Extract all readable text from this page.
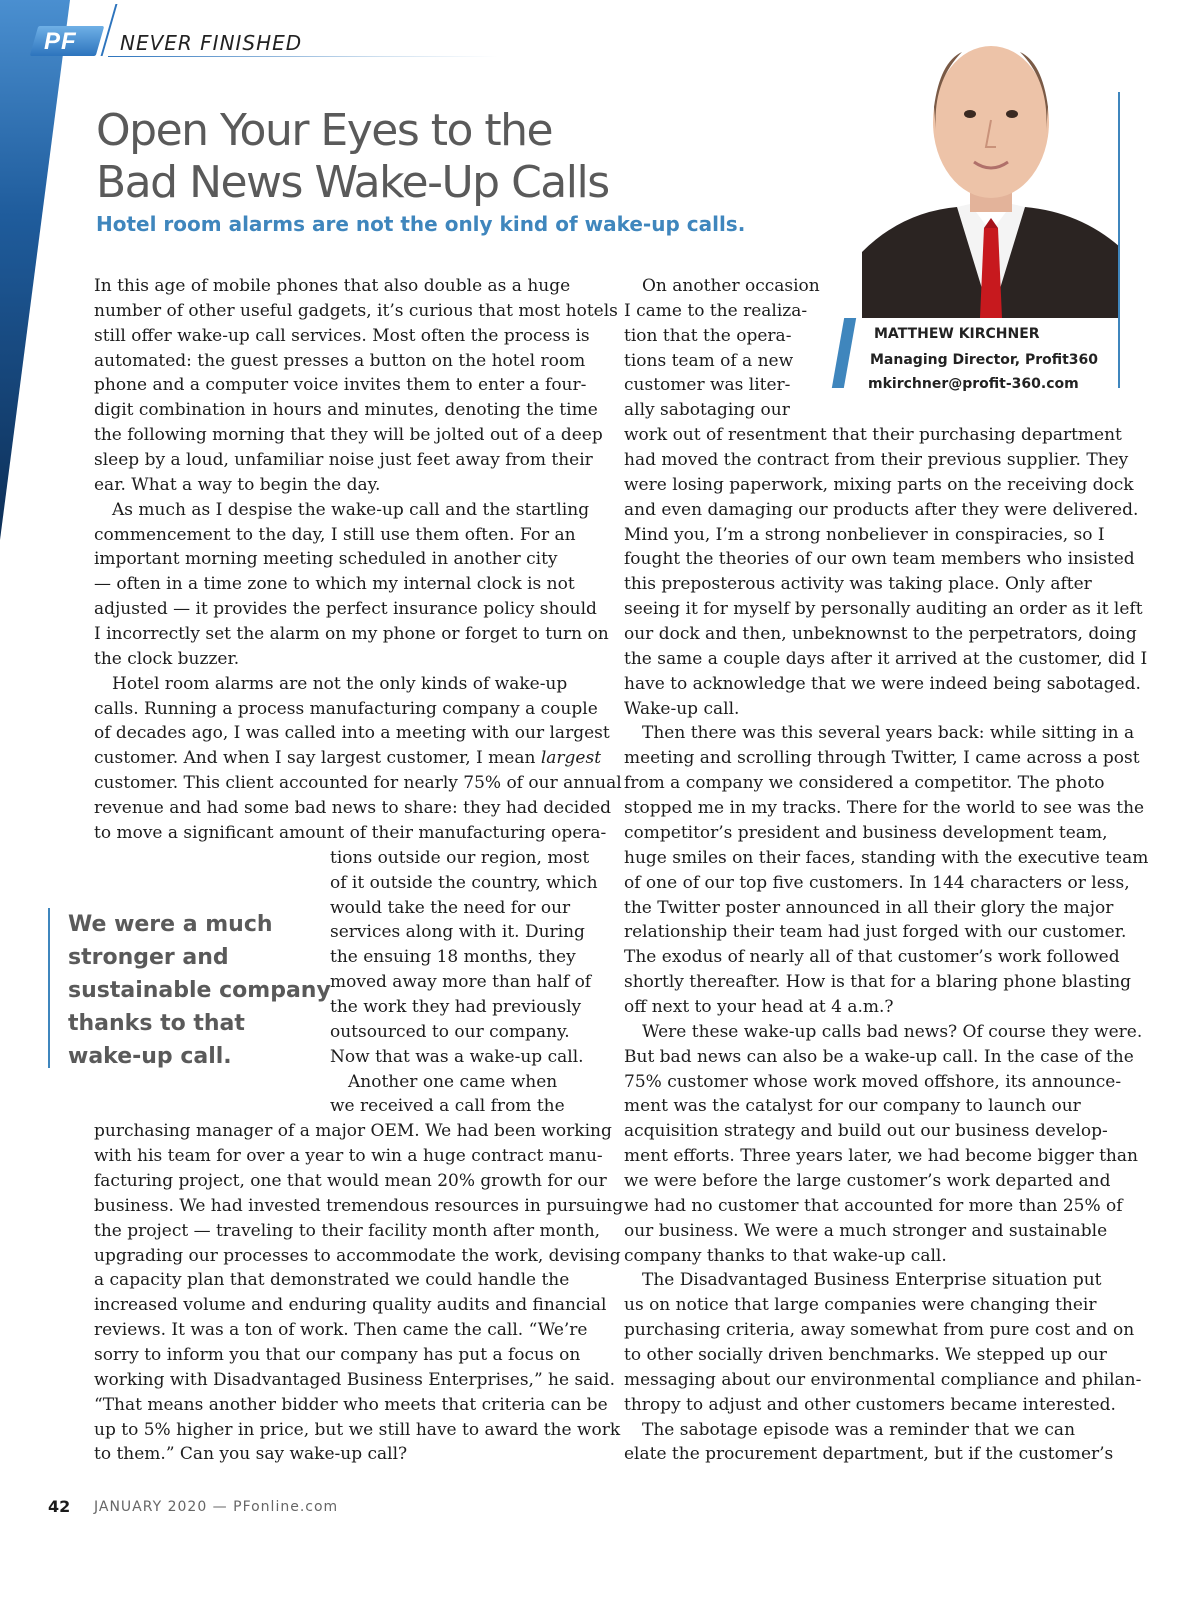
PF NEVER FINISHED
Open Your Eyes to the
Bad News Wake-Up Calls

Hotel room alarms are not the only kind of wake-up calls.

MATTHEW KIRCHNER
Managing Director, Profit360
mkirchner@profit-360.com

In this age of mobile phones that also double as a huge

number of other useful gadgets, it’s curious that most hotels

still offer wake-up call services. Most often the process is

automated: the guest presses a button on the hotel room

phone and a computer voice invites them to enter a four-

digit combination in hours and minutes, denoting the time

the following morning that they will be jolted out of a deep

sleep by a loud, unfamiliar noise just feet away from their

ear. What a way to begin the day.

As much as I despise the wake-up call and the startling

commencement to the day, I still use them often. For an

important morning meeting scheduled in another city

— often in a time zone to which my internal clock is not

adjusted — it provides the perfect insurance policy should

I incorrectly set the alarm on my phone or forget to turn on

the clock buzzer.

Hotel room alarms are not the only kinds of wake-up

calls. Running a process manufacturing company a couple

of decades ago, I was called into a meeting with our largest

customer. And when I say largest customer, I mean largest

customer. This client accounted for nearly 75% of our annual

revenue and had some bad news to share: they had decided

to move a significant amount of their manufacturing opera-

We were a much

stronger and

sustainable company

thanks to that

wake-up call.

tions outside our region, most

of it outside the country, which

would take the need for our

services along with it. During

the ensuing 18 months, they

moved away more than half of

the work they had previously

outsourced to our company.

Now that was a wake-up call.

Another one came when

we received a call from the

purchasing manager of a major OEM. We had been working

with his team for over a year to win a huge contract manu-

facturing project, one that would mean 20% growth for our

business. We had invested tremendous resources in pursuing

the project — traveling to their facility month after month,

upgrading our processes to accommodate the work, devising

a capacity plan that demonstrated we could handle the

increased volume and enduring quality audits and financial

reviews. It was a ton of work. Then came the call. “We’re

sorry to inform you that our company has put a focus on

working with Disadvantaged Business Enterprises,” he said.

“That means another bidder who meets that criteria can be

up to 5% higher in price, but we still have to award the work

to them.” Can you say wake-up call?

On another occasion

I came to the realiza-

tion that the opera-

tions team of a new

customer was liter-

ally sabotaging our

work out of resentment that their purchasing department

had moved the contract from their previous supplier. They

were losing paperwork, mixing parts on the receiving dock

and even damaging our products after they were delivered.

Mind you, I’m a strong nonbeliever in conspiracies, so I

fought the theories of our own team members who insisted

this preposterous activity was taking place. Only after

seeing it for myself by personally auditing an order as it left

our dock and then, unbeknownst to the perpetrators, doing

the same a couple days after it arrived at the customer, did I

have to acknowledge that we were indeed being sabotaged.

Wake-up call.

Then there was this several years back: while sitting in a

meeting and scrolling through Twitter, I came across a post

from a company we considered a competitor. The photo

stopped me in my tracks. There for the world to see was the

competitor’s president and business development team,

huge smiles on their faces, standing with the executive team

of one of our top five customers. In 144 characters or less,

the Twitter poster announced in all their glory the major

relationship their team had just forged with our customer.

The exodus of nearly all of that customer’s work followed

shortly thereafter. How is that for a blaring phone blasting

off next to your head at 4 a.m.?

Were these wake-up calls bad news? Of course they were.

But bad news can also be a wake-up call. In the case of the

75% customer whose work moved offshore, its announce-

ment was the catalyst for our company to launch our

acquisition strategy and build out our business develop-

ment efforts. Three years later, we had become bigger than

we were before the large customer’s work departed and

we had no customer that accounted for more than 25% of

our business. We were a much stronger and sustainable

company thanks to that wake-up call.

The Disadvantaged Business Enterprise situation put

us on notice that large companies were changing their

purchasing criteria, away somewhat from pure cost and on

to other socially driven benchmarks. We stepped up our

messaging about our environmental compliance and philan-

thropy to adjust and other customers became interested.

The sabotage episode was a reminder that we can

elate the procurement department, but if the customer’s

42 JANUARY 2020 — PFonline.com
